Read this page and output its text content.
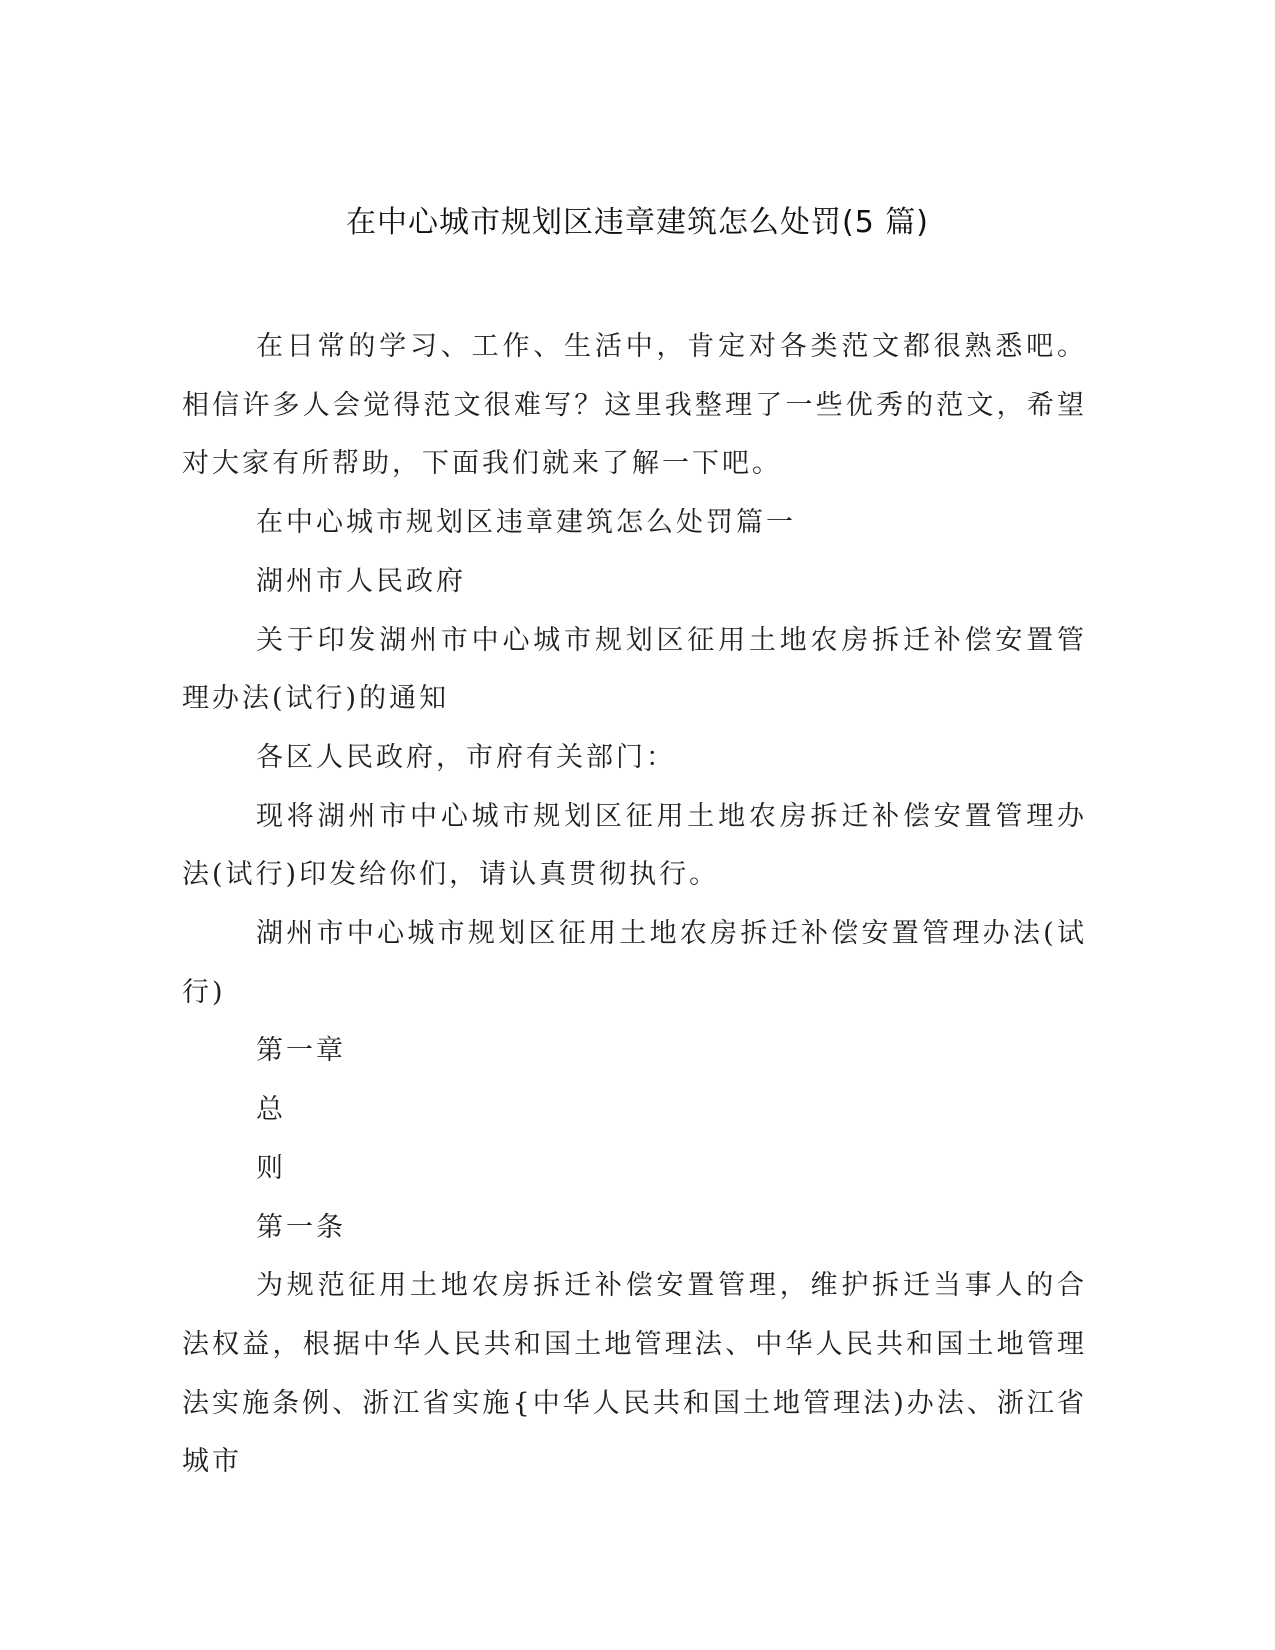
在中心城市规划区违章建筑怎么处罚(5 篇)

在日常的学习、工作、生活中，肯定对各类范文都很熟悉吧。相信许多人会觉得范文很难写？这里我整理了一些优秀的范文，希望对大家有所帮助，下面我们就来了解一下吧。

在中心城市规划区违章建筑怎么处罚篇一

湖州市人民政府

关于印发湖州市中心城市规划区征用土地农房拆迁补偿安置管理办法(试行)的通知

各区人民政府，市府有关部门：

现将湖州市中心城市规划区征用土地农房拆迁补偿安置管理办法(试行)印发给你们，请认真贯彻执行。

湖州市中心城市规划区征用土地农房拆迁补偿安置管理办法(试行)

第一章

总

则

第一条

为规范征用土地农房拆迁补偿安置管理，维护拆迁当事人的合法权益，根据中华人民共和国土地管理法、中华人民共和国土地管理法实施条例、浙江省实施{中华人民共和国土地管理法)办法、浙江省城市
